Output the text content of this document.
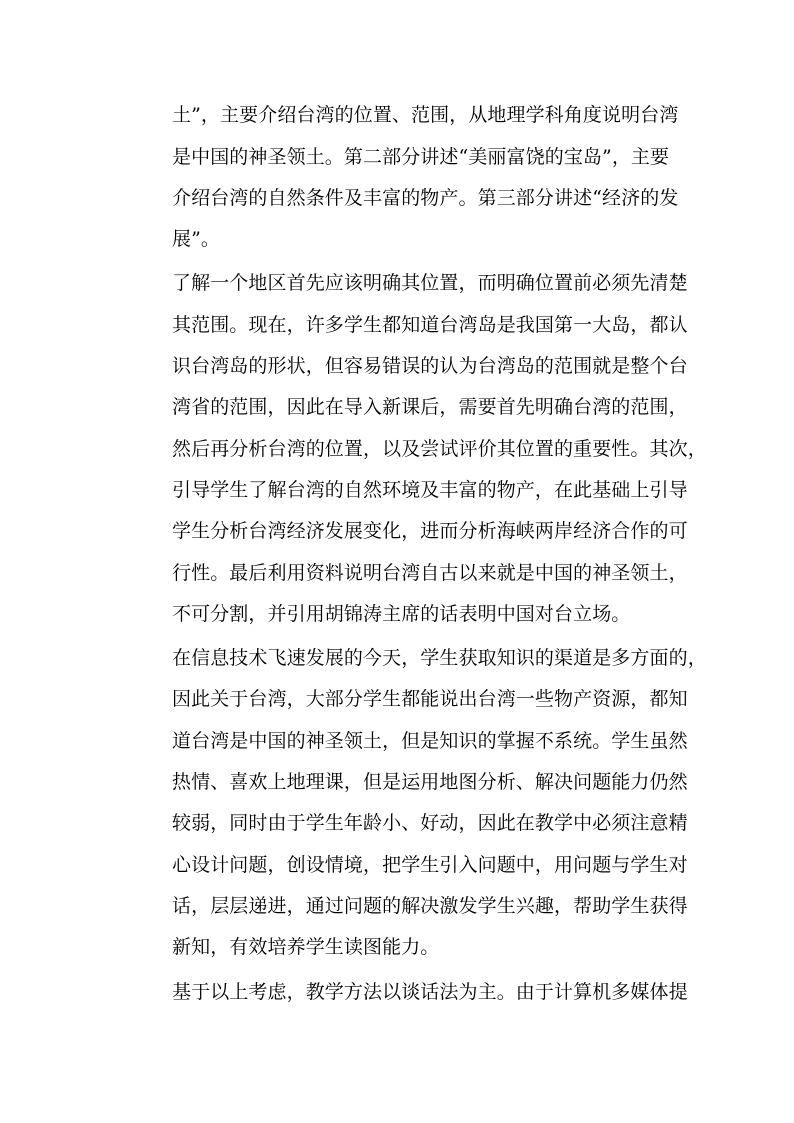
土”，主要介绍台湾的位置、范围，从地理学科角度说明台湾
是中国的神圣领土。第二部分讲述“美丽富饶的宝岛”，主要
介绍台湾的自然条件及丰富的物产。第三部分讲述“经济的发
展”。
了解一个地区首先应该明确其位置，而明确位置前必须先清楚
其范围。现在，许多学生都知道台湾岛是我国第一大岛，都认
识台湾岛的形状，但容易错误的认为台湾岛的范围就是整个台
湾省的范围，因此在导入新课后，需要首先明确台湾的范围，
然后再分析台湾的位置，以及尝试评价其位置的重要性。其次，
引导学生了解台湾的自然环境及丰富的物产，在此基础上引导
学生分析台湾经济发展变化，进而分析海峡两岸经济合作的可
行性。最后利用资料说明台湾自古以来就是中国的神圣领土，
不可分割，并引用胡锦涛主席的话表明中国对台立场。
在信息技术飞速发展的今天，学生获取知识的渠道是多方面的，
因此关于台湾，大部分学生都能说出台湾一些物产资源，都知
道台湾是中国的神圣领土，但是知识的掌握不系统。学生虽然
热情、喜欢上地理课，但是运用地图分析、解决问题能力仍然
较弱，同时由于学生年龄小、好动，因此在教学中必须注意精
心设计问题，创设情境，把学生引入问题中，用问题与学生对
话，层层递进，通过问题的解决激发学生兴趣，帮助学生获得
新知，有效培养学生读图能力。
基于以上考虑，教学方法以谈话法为主。由于计算机多媒体提
